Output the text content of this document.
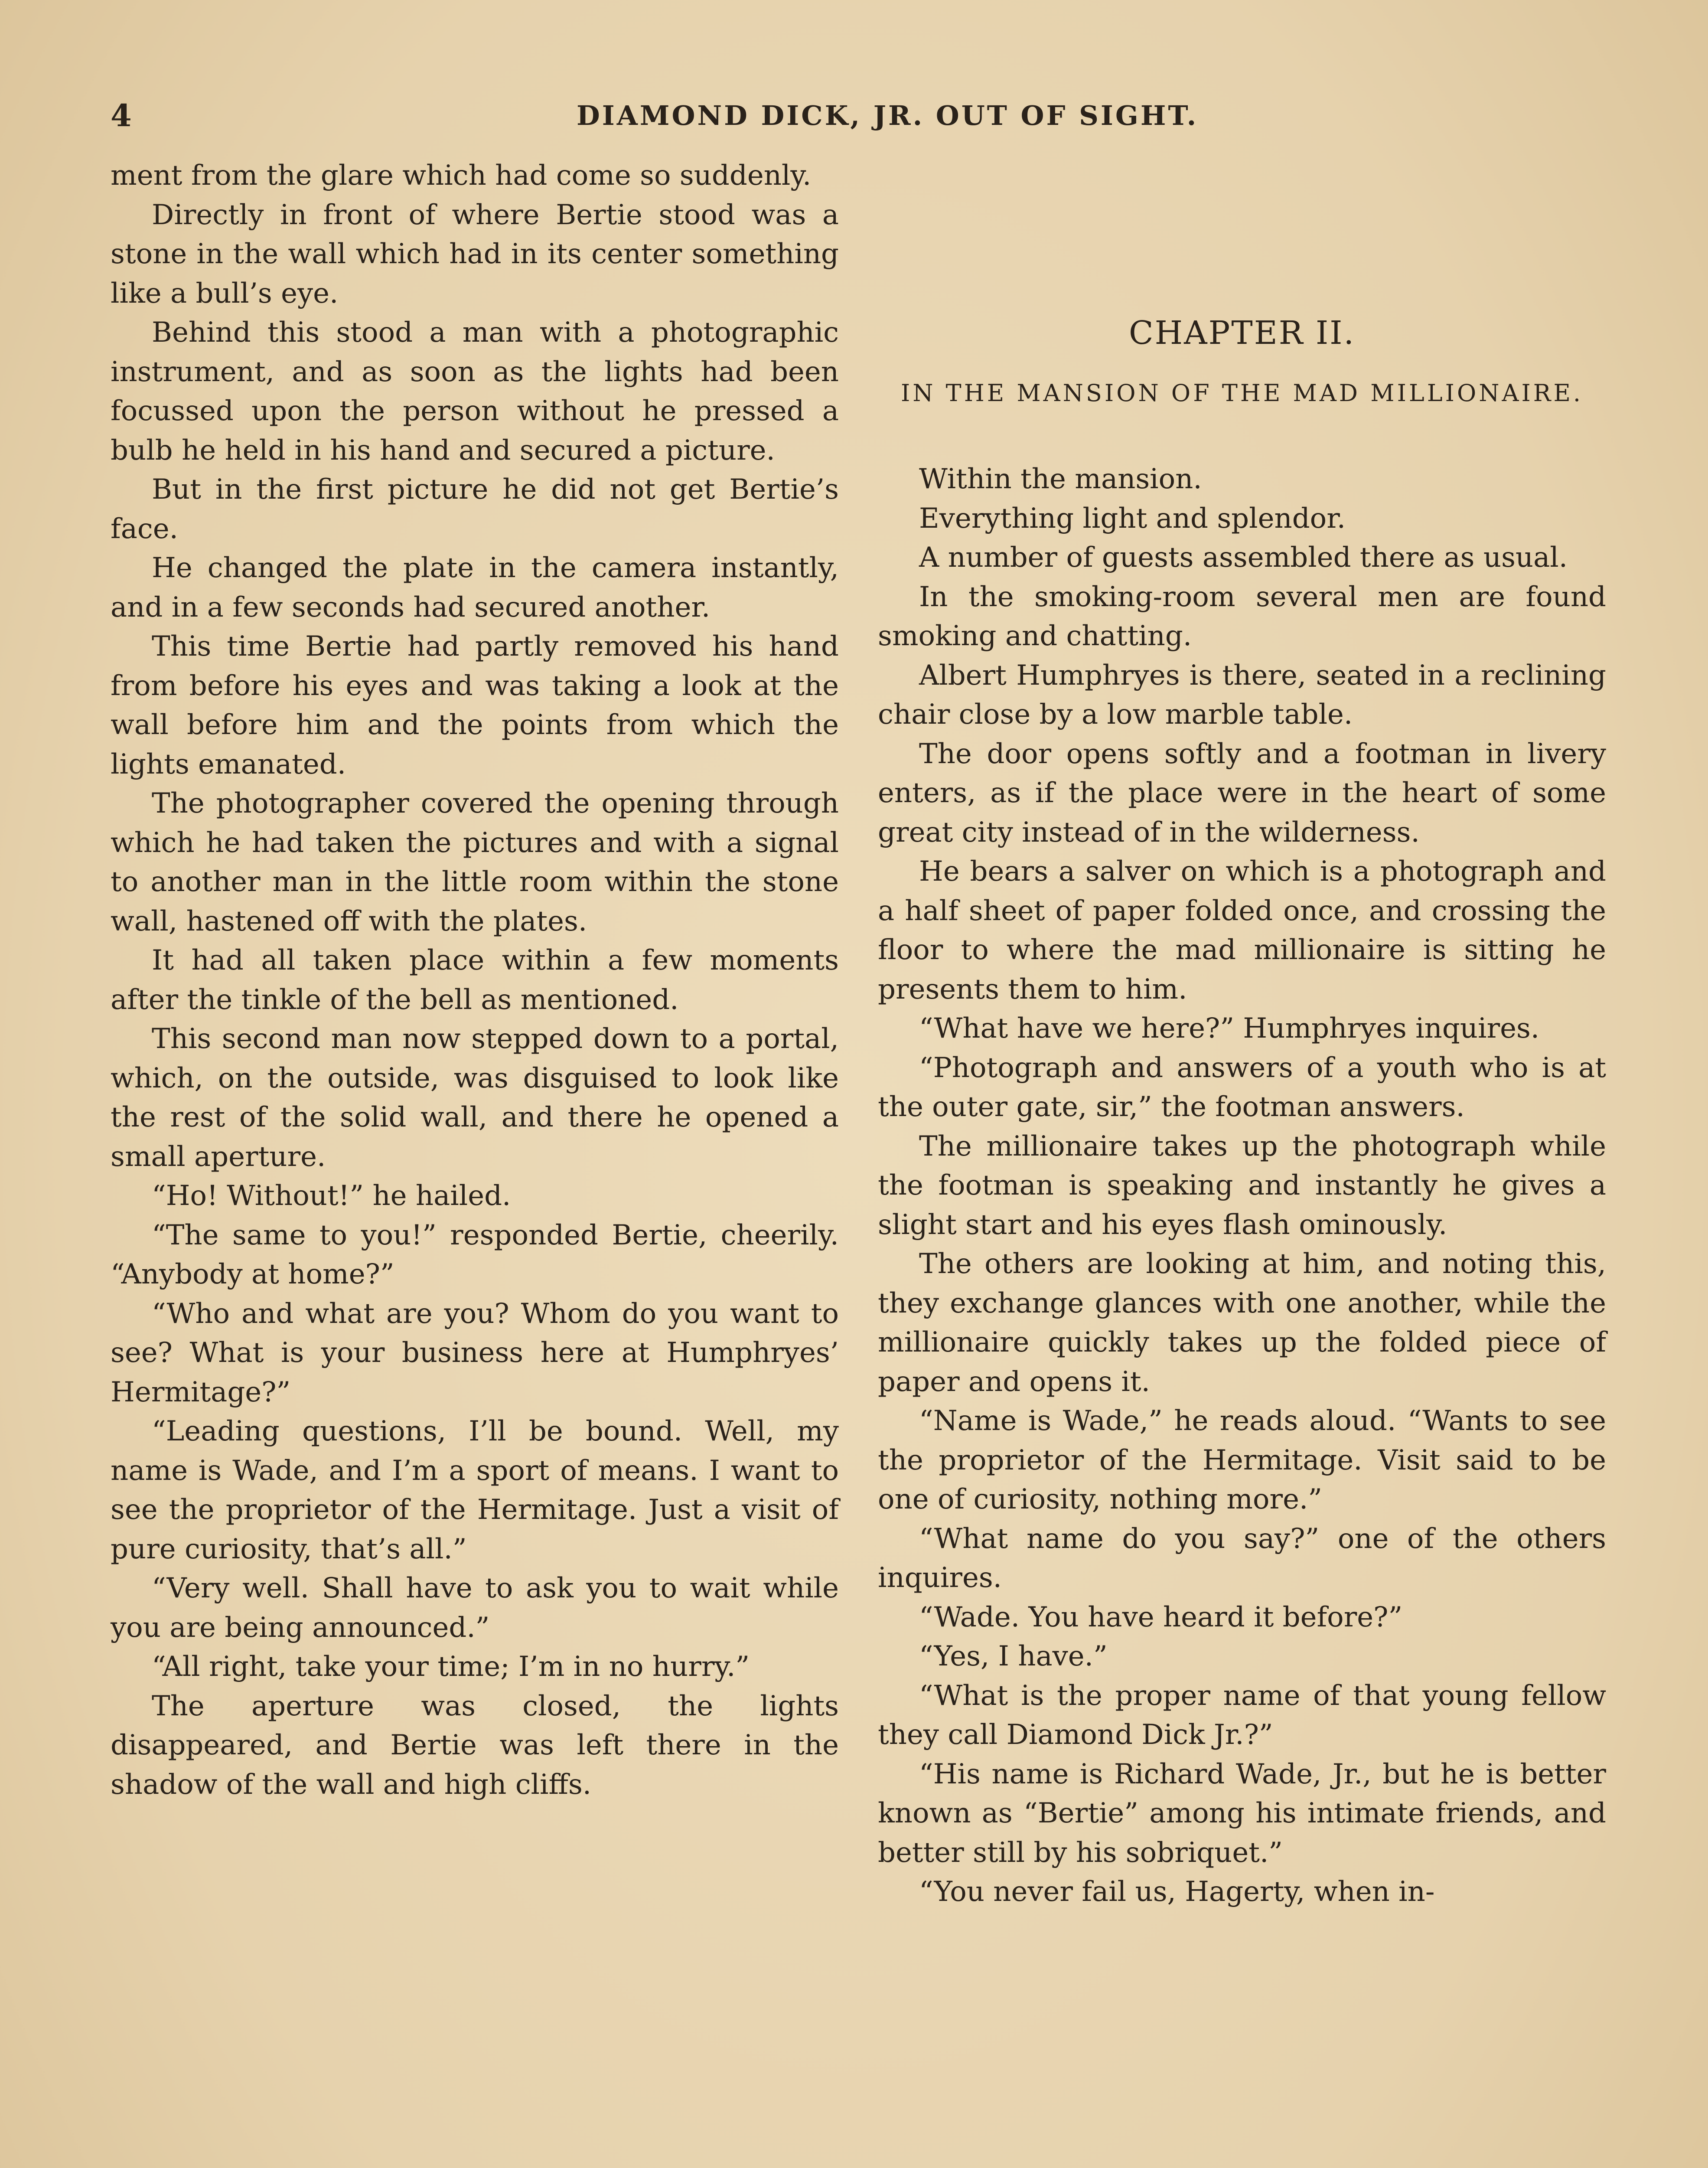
4	DIAMOND DICK, JR. OUT OF SIGHT.

ment from the glare which had come so suddenly.

Directly in front of where Bertie stood was a stone in the wall which had in its center something like a bull’s eye.

Behind this stood a man with a photographic instrument, and as soon as the lights had been focussed upon the person without he pressed a bulb he held in his hand and secured a picture.

But in the first picture he did not get Bertie’s face.

He changed the plate in the camera instantly, and in a few seconds had secured another.

This time Bertie had partly removed his hand from before his eyes and was taking a look at the wall before him and the points from which the lights emanated.

The photographer covered the opening through which he had taken the pictures and with a signal to another man in the little room within the stone wall, hastened off with the plates.

It had all taken place within a few moments after the tinkle of the bell as mentioned.

This second man now stepped down to a portal, which, on the outside, was disguised to look like the rest of the solid wall, and there he opened a small aperture.

“Ho! Without!” he hailed.

“The same to you!” responded Bertie, cheerily. “Anybody at home?”

“Who and what are you? Whom do you want to see? What is your business here at Humphryes’ Hermitage?”

“Leading questions, I’ll be bound. Well, my name is Wade, and I’m a sport of means. I want to see the proprietor of the Hermitage. Just a visit of pure curiosity, that’s all.”

“Very well. Shall have to ask you to wait while you are being announced.”

“All right, take your time; I’m in no hurry.”

The aperture was closed, the lights disappeared, and Bertie was left there in the shadow of the wall and high cliffs.

CHAPTER II.

IN THE MANSION OF THE MAD MILLIONAIRE.

Within the mansion.

Everything light and splendor.

A number of guests assembled there as usual.

In the smoking-room several men are found smoking and chatting.

Albert Humphryes is there, seated in a reclining chair close by a low marble table.

The door opens softly and a footman in livery enters, as if the place were in the heart of some great city instead of in the wilderness.

He bears a salver on which is a photograph and a half sheet of paper folded once, and crossing the floor to where the mad millionaire is sitting he presents them to him.

“What have we here?” Humphryes inquires.

“Photograph and answers of a youth who is at the outer gate, sir,” the footman answers.

The millionaire takes up the photograph while the footman is speaking and instantly he gives a slight start and his eyes flash ominously.

The others are looking at him, and noting this, they exchange glances with one another, while the millionaire quickly takes up the folded piece of paper and opens it.

“Name is Wade,” he reads aloud. “Wants to see the proprietor of the Hermitage. Visit said to be one of curiosity, nothing more.”

“What name do you say?” one of the others inquires.

“Wade. You have heard it before?”

“Yes, I have.”

“What is the proper name of that young fellow they call Diamond Dick Jr.?”

“His name is Richard Wade, Jr., but he is better known as “Bertie” among his intimate friends, and better still by his sobriquet.”

“You never fail us, Hagerty, when in-
